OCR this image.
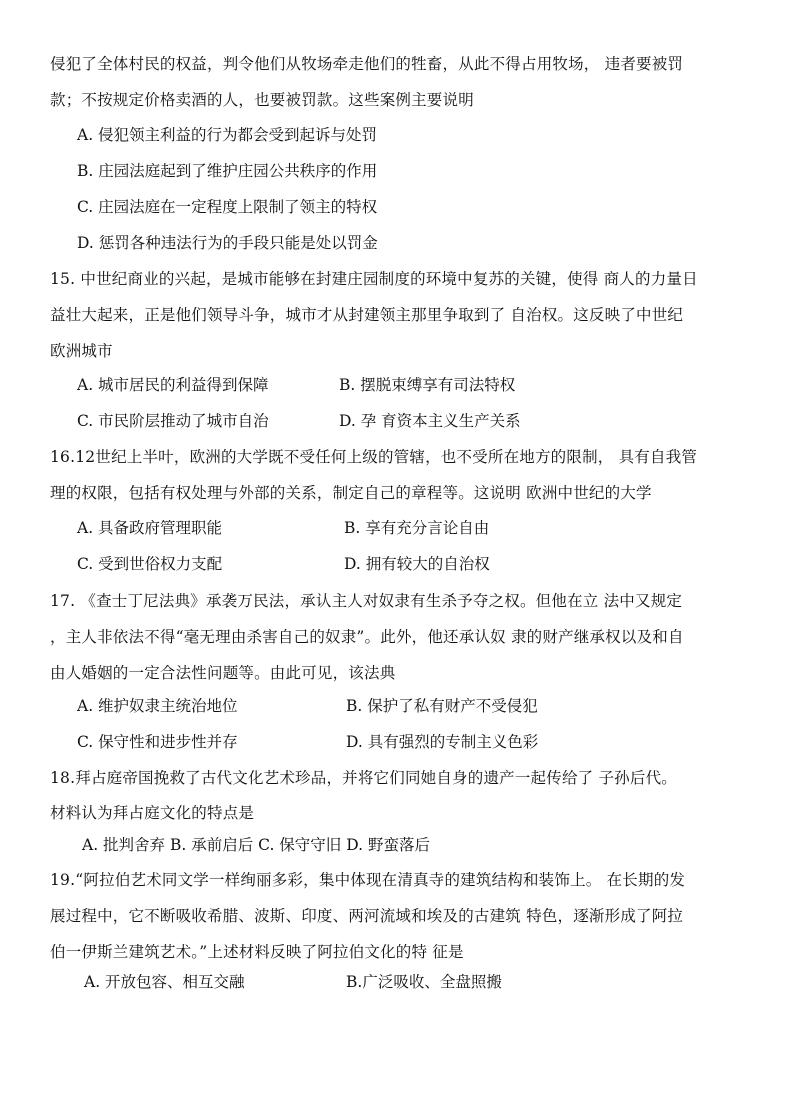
侵犯了全体村民的权益，判令他们从牧场牵走他们的牲畜，从此不得占用牧场， 违者要被罚
款；不按规定价格卖酒的人，也要被罚款。这些案例主要说明
A. 侵犯领主利益的行为都会受到起诉与处罚
B. 庄园法庭起到了维护庄园公共秩序的作用
C. 庄园法庭在一定程度上限制了领主的特权
D. 惩罚各种违法行为的手段只能是处以罚金
15. 中世纪商业的兴起，是城市能够在封建庄园制度的环境中复苏的关键，使得 商人的力量日
益壮大起来，正是他们领导斗争，城市才从封建领主那里争取到了 自治权。这反映了中世纪
欧洲城市
A. 城市居民的利益得到保障	B. 摆脱束缚享有司法特权
C. 市民阶层推动了城市自治	D. 孕 育资本主义生产关系
16.12世纪上半叶，欧洲的大学既不受任何上级的管辖，也不受所在地方的限制， 具有自我管
理的权限，包括有权处理与外部的关系，制定自己的章程等。这说明 欧洲中世纪的大学
A. 具备政府管理职能	B. 享有充分言论自由
C. 受到世俗权力支配	D. 拥有较大的自治权
17. 《查士丁尼法典》承袭万民法，承认主人对奴隶有生杀予夺之权。但他在立 法中又规定
，主人非依法不得“毫无理由杀害自己的奴隶”。此外，他还承认奴 隶的财产继承权以及和自
由人婚姻的一定合法性问题等。由此可见，该法典
A. 维护奴隶主统治地位	B. 保护了私有财产不受侵犯
C. 保守性和进步性并存	D. 具有强烈的专制主义色彩
18.拜占庭帝国挽救了古代文化艺术珍品，并将它们同她自身的遗产一起传给了 子孙后代。
材料认为拜占庭文化的特点是
A. 批判舍弃 B. 承前启后 C. 保守守旧 D. 野蛮落后
19.“阿拉伯艺术同文学一样绚丽多彩，集中体现在清真寺的建筑结构和装饰上。 在长期的发
展过程中，它不断吸收希腊、波斯、印度、两河流域和埃及的古建筑 特色，逐渐形成了阿拉
伯一伊斯兰建筑艺术。”上述材料反映了阿拉伯文化的特 征是
A. 开放包容、相互交融	B.广泛吸收、全盘照搬
